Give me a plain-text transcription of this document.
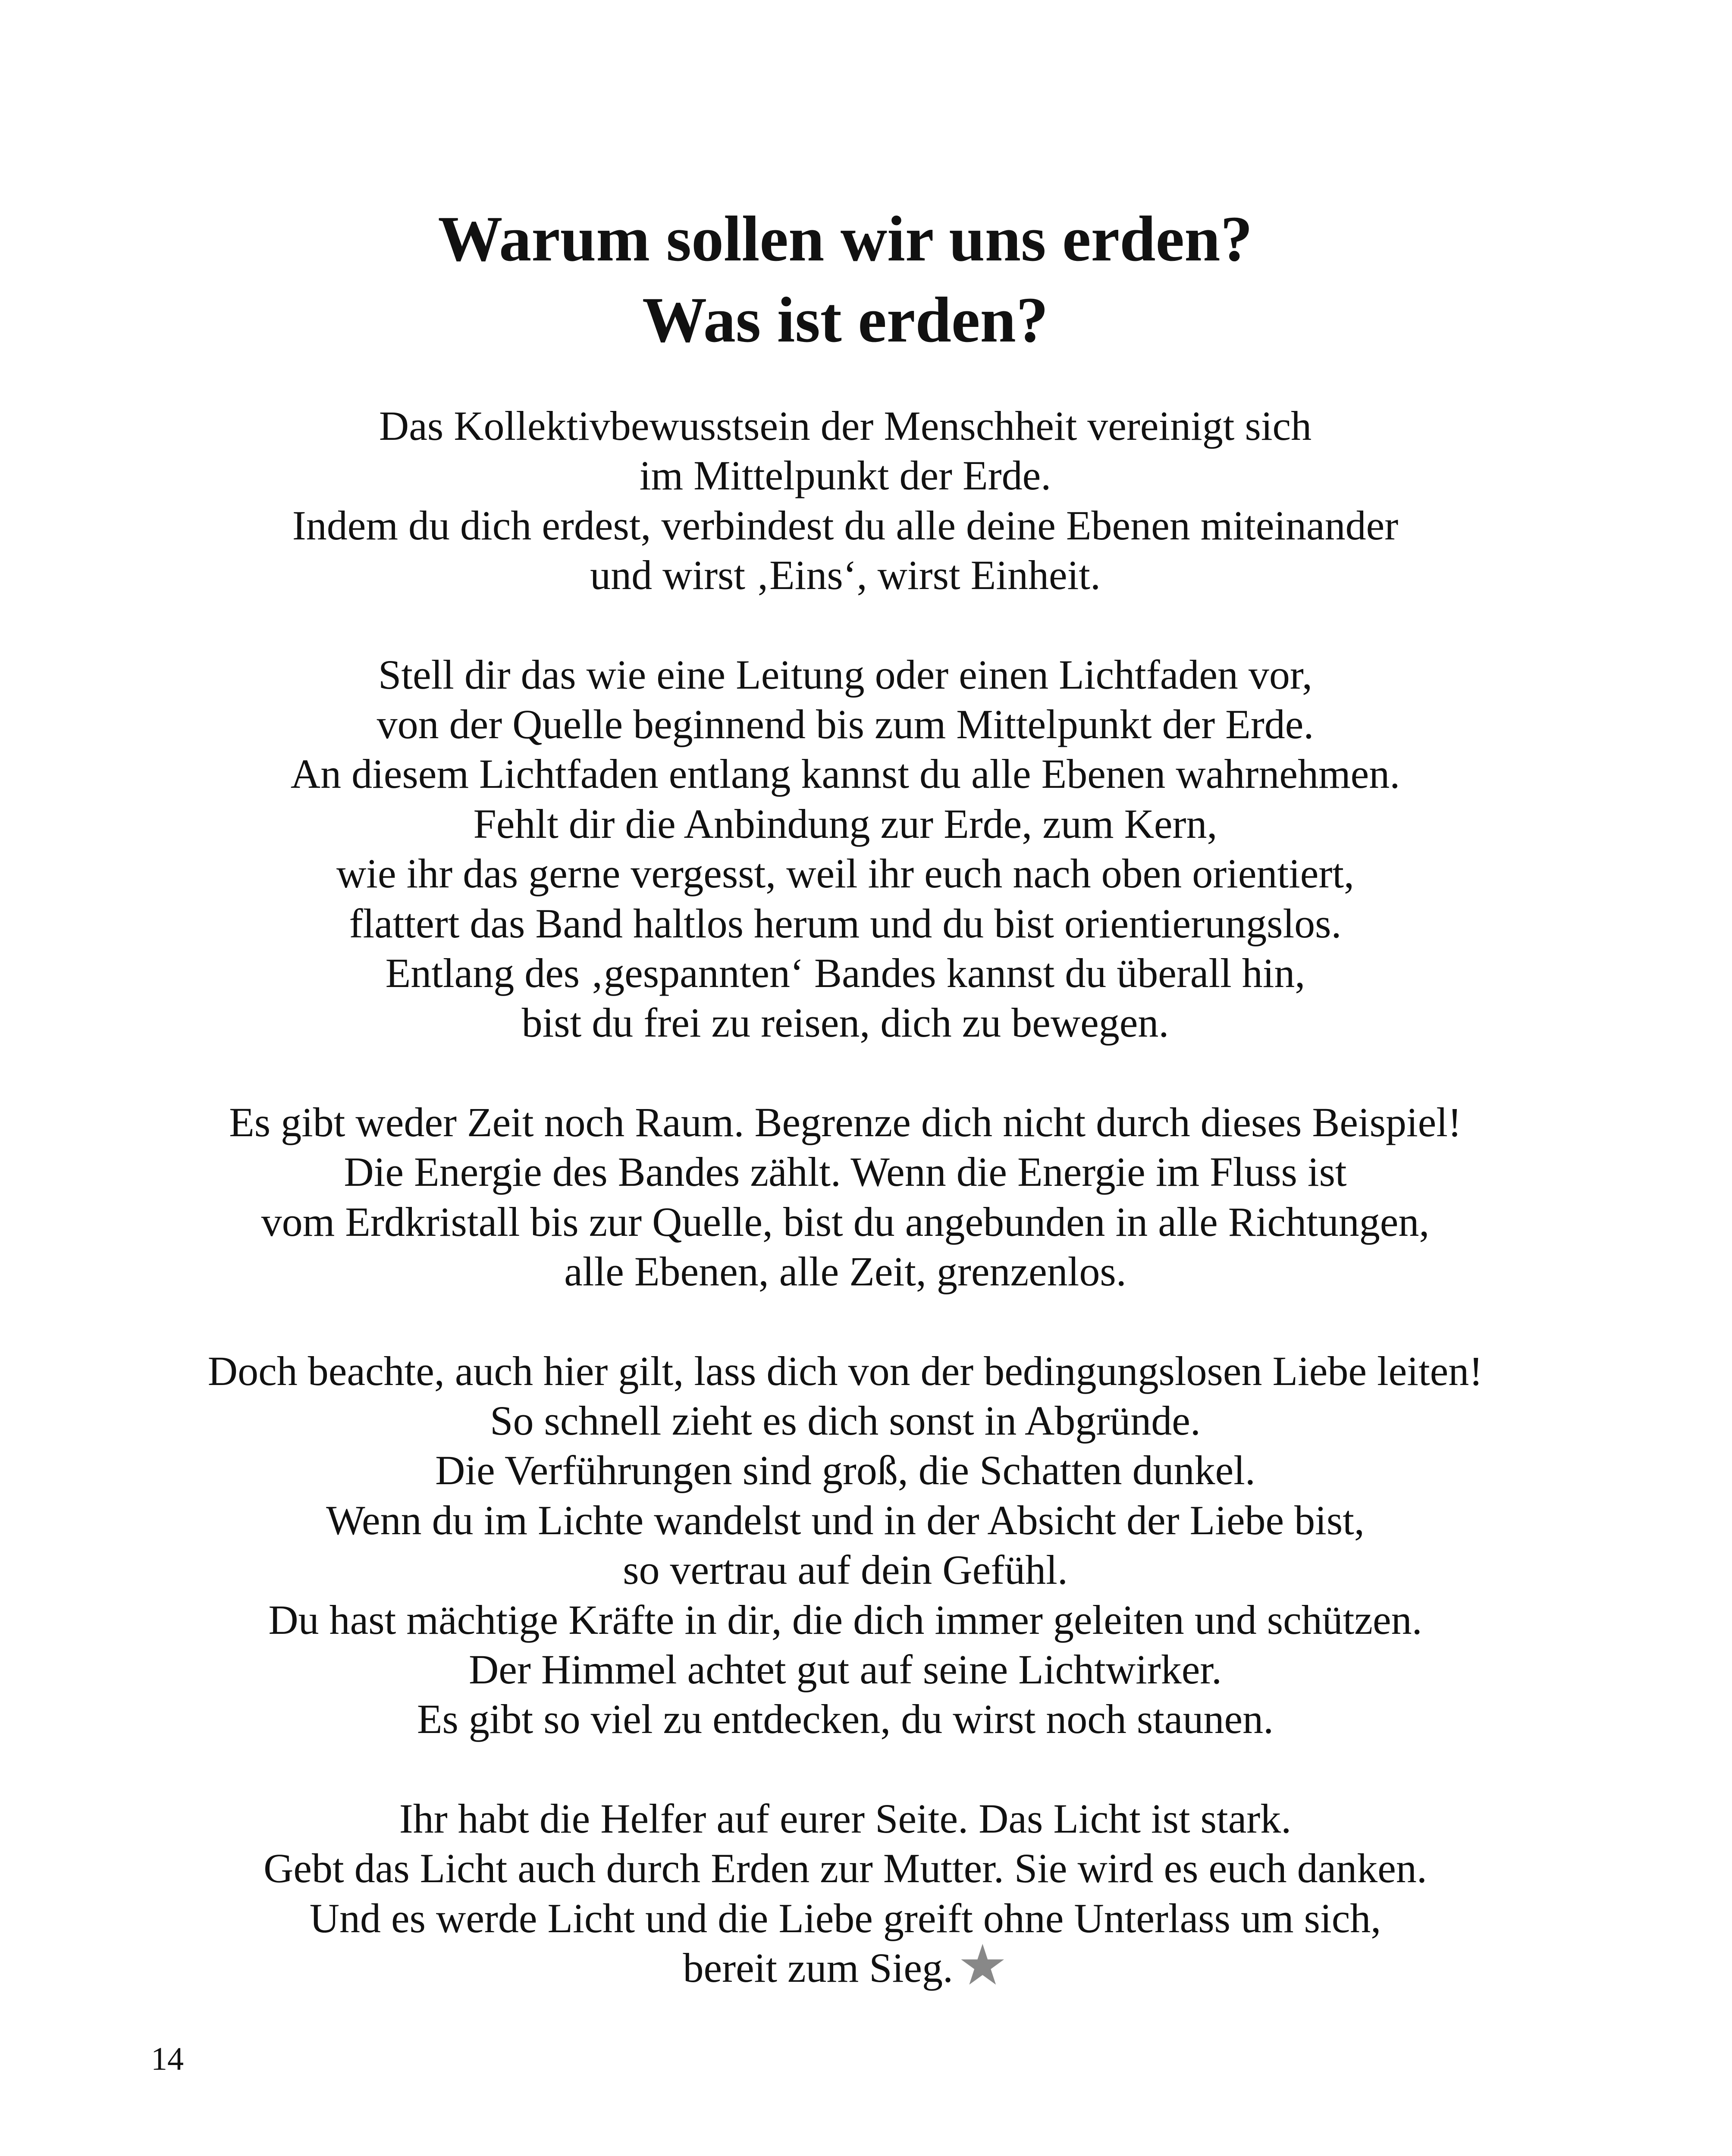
Warum sollen wir uns erden?
Was ist erden?
Das Kollektivbewusstsein der Menschheit vereinigt sich
im Mittelpunkt der Erde.
Indem du dich erdest, verbindest du alle deine Ebenen miteinander
und wirst ‚Eins‘, wirst Einheit.
Stell dir das wie eine Leitung oder einen Lichtfaden vor,
von der Quelle beginnend bis zum Mittelpunkt der Erde.
An diesem Lichtfaden entlang kannst du alle Ebenen wahrnehmen.
Fehlt dir die Anbindung zur Erde, zum Kern,
wie ihr das gerne vergesst, weil ihr euch nach oben orientiert,
flattert das Band haltlos herum und du bist orientierungslos.
Entlang des ‚gespannten‘ Bandes kannst du überall hin,
bist du frei zu reisen, dich zu bewegen.
Es gibt weder Zeit noch Raum. Begrenze dich nicht durch dieses Beispiel!
Die Energie des Bandes zählt. Wenn die Energie im Fluss ist
vom Erdkristall bis zur Quelle, bist du angebunden in alle Richtungen,
alle Ebenen, alle Zeit, grenzenlos.
Doch beachte, auch hier gilt, lass dich von der bedingungslosen Liebe leiten!
So schnell zieht es dich sonst in Abgründe.
Die Verführungen sind groß, die Schatten dunkel.
Wenn du im Lichte wandelst und in der Absicht der Liebe bist,
so vertrau auf dein Gefühl.
Du hast mächtige Kräfte in dir, die dich immer geleiten und schützen.
Der Himmel achtet gut auf seine Lichtwirker.
Es gibt so viel zu entdecken, du wirst noch staunen.
Ihr habt die Helfer auf eurer Seite. Das Licht ist stark.
Gebt das Licht auch durch Erden zur Mutter. Sie wird es euch danken.
Und es werde Licht und die Liebe greift ohne Unterlass um sich,
bereit zum Sieg.★
14
